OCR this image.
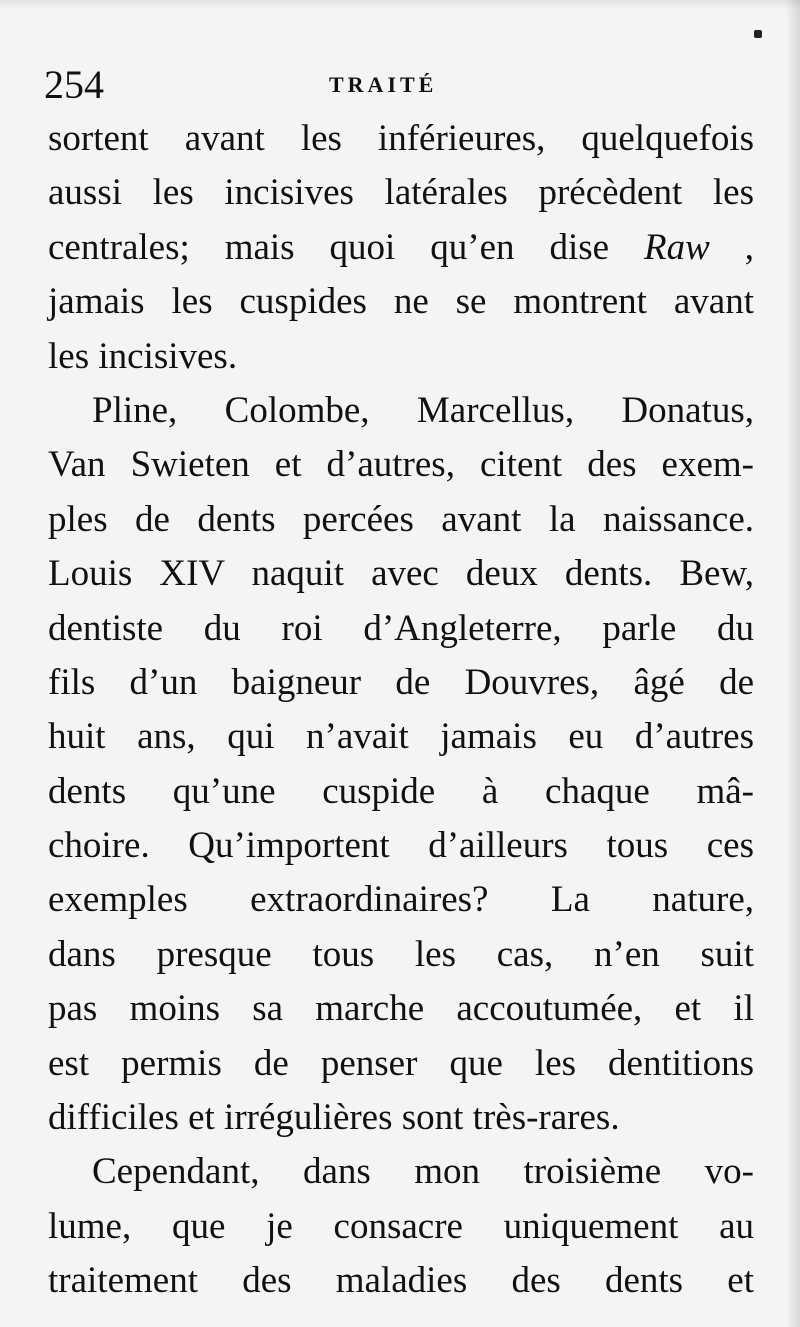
254	TRAITÉ
sortent avant les inférieures, quelquefois
aussi les incisives latérales précèdent les
centrales; mais quoi qu’en dise Raw ,
jamais les cuspides ne se montrent avant
les incisives.
Pline, Colombe, Marcellus, Donatus,
Van Swieten et d’autres, citent des exem-
ples de dents percées avant la naissance.
Louis XIV naquit avec deux dents. Bew,
dentiste du roi d’Angleterre, parle du
fils d’un baigneur de Douvres, âgé de
huit ans, qui n’avait jamais eu d’autres
dents qu’une cuspide à chaque mâ-
choire. Qu’importent d’ailleurs tous ces
exemples extraordinaires? La nature,
dans presque tous les cas, n’en suit
pas moins sa marche accoutumée, et il
est permis de penser que les dentitions
difficiles et irrégulières sont très-rares.
Cependant, dans mon troisième vo-
lume, que je consacre uniquement au
traitement des maladies des dents et
